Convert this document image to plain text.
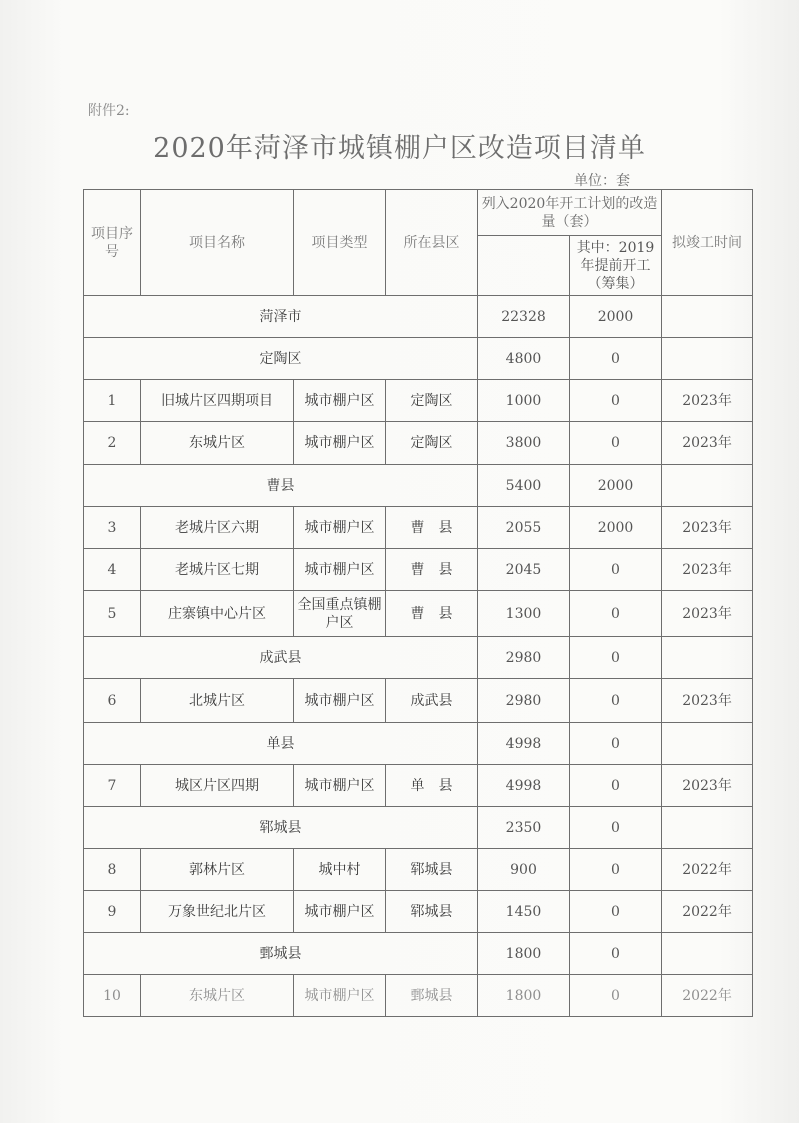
附件2:
2020年菏泽市城镇棚户区改造项目清单
单位：套
项目序号	项目名称	项目类型	所在县区	列入2020年开工计划的改造量（套）		拟竣工时间
					其中：2019年提前开工（筹集）	
菏泽市				22328	2000	
定陶区				4800	0	
1	旧城片区四期项目	城市棚户区	定陶区	1000	0	2023年
2	东城片区	城市棚户区	定陶区	3800	0	2023年
曹县				5400	2000	
3	老城片区六期	城市棚户区	曹　县	2055	2000	2023年
4	老城片区七期	城市棚户区	曹　县	2045	0	2023年
5	庄寨镇中心片区	全国重点镇棚户区	曹　县	1300	0	2023年
成武县				2980	0	
6	北城片区	城市棚户区	成武县	2980	0	2023年
单县				4998	0	
7	城区片区四期	城市棚户区	单　县	4998	0	2023年
郓城县				2350	0	
8	郭林片区	城中村	郓城县	900	0	2022年
9	万象世纪北片区	城市棚户区	郓城县	1450	0	2022年
鄄城县				1800	0	
10	东城片区	城市棚户区	鄄城县	1800	0	2022年
